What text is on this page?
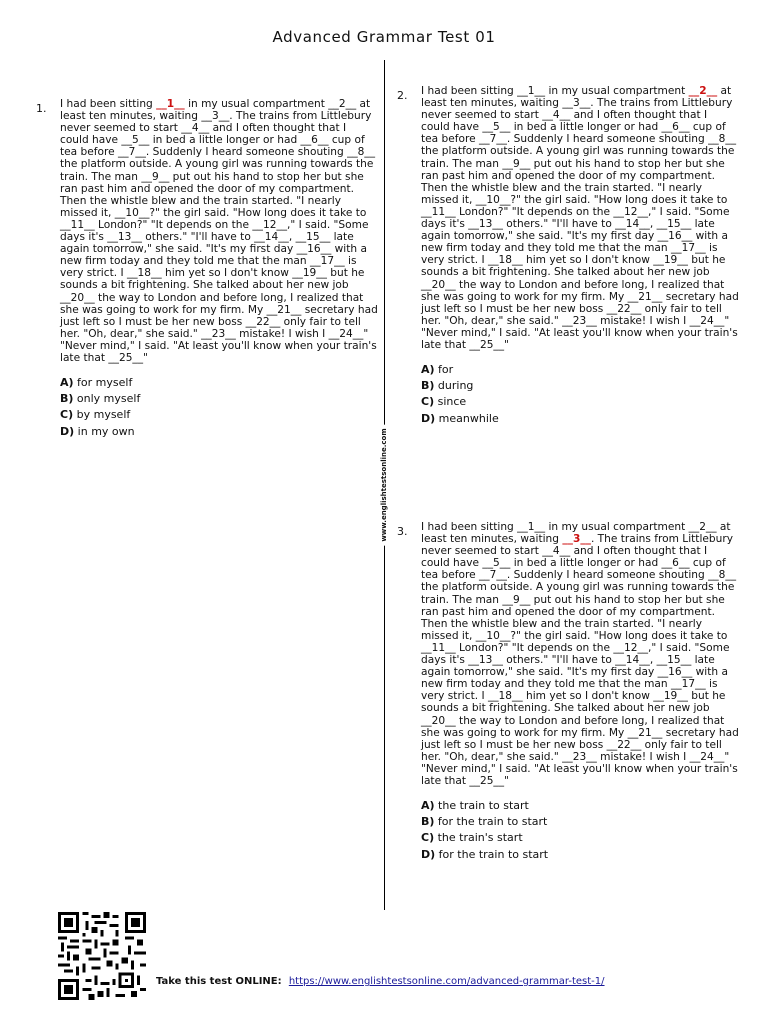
Advanced Grammar Test 01
www.englishtestsonline.com
1. I had been sitting __1__ in my usual compartment __2__ at least ten minutes, waiting __3__. The trains from Littlebury never seemed to start __4__ and I often thought that I could have __5__ in bed a little longer or had __6__ cup of tea before __7__. Suddenly I heard someone shouting __8__ the platform outside. A young girl was running towards the train. The man __9__ put out his hand to stop her but she ran past him and opened the door of my compartment. Then the whistle blew and the train started. "I nearly missed it, __10__?" the girl said. "How long does it take to __11__ London?" "It depends on the __12__," I said. "Some days it's __13__ others." "I'll have to __14__, __15__ late again tomorrow," she said. "It's my first day __16__ with a new firm today and they told me that the man __17__ is very strict. I __18__ him yet so I don't know __19__ but he sounds a bit frightening. She talked about her new job __20__ the way to London and before long, I realized that she was going to work for my firm. My __21__ secretary had just left so I must be her new boss __22__ only fair to tell her. "Oh, dear," she said." __23__ mistake! I wish I __24__" "Never mind," I said. "At least you'll know when your train's late that __25__"

A) for myself
B) only myself
C) by myself
D) in my own
2. I had been sitting __1__ in my usual compartment __2__ at least ten minutes, waiting __3__. The trains from Littlebury never seemed to start __4__ and I often thought that I could have __5__ in bed a little longer or had __6__ cup of tea before __7__. Suddenly I heard someone shouting __8__ the platform outside. A young girl was running towards the train. The man __9__ put out his hand to stop her but she ran past him and opened the door of my compartment. Then the whistle blew and the train started. "I nearly missed it, __10__?" the girl said. "How long does it take to __11__ London?" "It depends on the __12__," I said. "Some days it's __13__ others." "I'll have to __14__, __15__ late again tomorrow," she said. "It's my first day __16__ with a new firm today and they told me that the man __17__ is very strict. I __18__ him yet so I don't know __19__ but he sounds a bit frightening. She talked about her new job __20__ the way to London and before long, I realized that she was going to work for my firm. My __21__ secretary had just left so I must be her new boss __22__ only fair to tell her. "Oh, dear," she said." __23__ mistake! I wish I __24__" "Never mind," I said. "At least you'll know when your train's late that __25__"

A) for
B) during
C) since
D) meanwhile
3. I had been sitting __1__ in my usual compartment __2__ at least ten minutes, waiting __3__. The trains from Littlebury never seemed to start __4__ and I often thought that I could have __5__ in bed a little longer or had __6__ cup of tea before __7__. Suddenly I heard someone shouting __8__ the platform outside. A young girl was running towards the train. The man __9__ put out his hand to stop her but she ran past him and opened the door of my compartment. Then the whistle blew and the train started. "I nearly missed it, __10__?" the girl said. "How long does it take to __11__ London?" "It depends on the __12__," I said. "Some days it's __13__ others." "I'll have to __14__, __15__ late again tomorrow," she said. "It's my first day __16__ with a new firm today and they told me that the man __17__ is very strict. I __18__ him yet so I don't know __19__ but he sounds a bit frightening. She talked about her new job __20__ the way to London and before long, I realized that she was going to work for my firm. My __21__ secretary had just left so I must be her new boss __22__ only fair to tell her. "Oh, dear," she said." __23__ mistake! I wish I __24__" "Never mind," I said. "At least you'll know when your train's late that __25__"

A) the train to start
B) for the train to start
C) the train's start
D) for the train to start
Take this test ONLINE: https://www.englishtestsonline.com/advanced-grammar-test-1/
